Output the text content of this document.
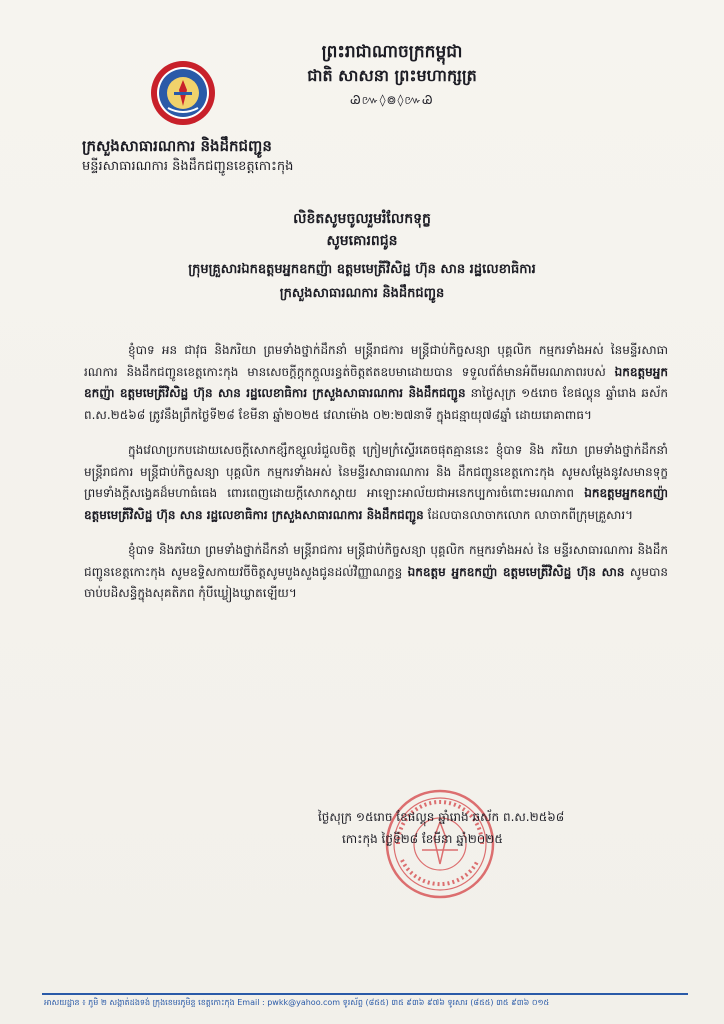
ព្រះរាជាណាចក្រកម្ពុជា
ជាតិ សាសនា ព្រះមហាក្សត្រ
Ꮚ៚◊៙◊៚Ꮚ
ក្រសួងសាធារណការ និងដឹកជញ្ជូន
មន្ទីរសាធារណការ និងដឹកជញ្ជូនខេត្តកោះកុង
លិខិតសូមចូលរួមរំលែកទុក្ខ
សូមគោរពជូន
ក្រុមគ្រួសារឯកឧត្តមអ្នកឧកញ៉ា ឧត្តមមេត្រីវិសិដ្ឋ ហ៊ុន សាន រដ្ឋលេខាធិការ
ក្រសួងសាធារណការ និងដឹកជញ្ជូន

ខ្ញុំបាទ អន ជាវុធ និងភរិយា ព្រមទាំងថ្នាក់ដឹកនាំ មន្ត្រីរាជការ មន្ត្រីជាប់កិច្ចសន្យា បុគ្គលិក កម្មករទាំងអស់ នៃមន្ទីរសាធារណការ និងដឹកជញ្ជូនខេត្តកោះកុង មានសេចក្តីក្តុកក្តួលរន្ធត់ចិត្តឥតឧបមាដោយបាន ទទួលព័ត៌មានអំពីមរណភាពរបស់ ឯកឧត្តមអ្នកឧកញ៉ា ឧត្តមមេត្រីវិសិដ្ឋ ហ៊ុន សាន រដ្ឋលេខាធិការ ក្រសួងសាធារណការ និងដឹកជញ្ជូន នាថ្ងៃសុក្រ ១៥រោច ខែផល្គុន ឆ្នាំរោង ឆស័ក ព.ស.២៥៦៨ ត្រូវនឹងព្រឹកថ្ងៃទី២៨ ខែមីនា ឆ្នាំ២០២៥ វេលាម៉ោង ០២:២៧នាទី ក្នុងជន្មាយុ៧៨ឆ្នាំ ដោយរោគាពាធ។

ក្នុងវេលាប្រកបដោយសេចក្តីសោកខ្សឹកខ្សួលរំជួលចិត្ត ក្រៀមក្រំស្ទើរគេចផុតគ្មាននេះ ខ្ញុំបាទ និង ភរិយា ព្រមទាំងថ្នាក់ដឹកនាំ មន្ត្រីរាជការ មន្ត្រីជាប់កិច្ចសន្យា បុគ្គលិក កម្មករទាំងអស់ នៃមន្ទីរសាធារណការ និង ដឹកជញ្ជូនខេត្តកោះកុង សូមសម្តែងនូវសមានទុក្ខ ព្រមទាំងក្តីសង្វេគដ៏មហាធំធេង ពោរពេញដោយក្តីសោកស្តាយ អាឡោះអាល័យជាអនេកប្បការចំពោះមរណភាព ឯកឧត្តមអ្នកឧកញ៉ា ឧត្តមមេត្រីវិសិដ្ឋ ហ៊ុន សាន រដ្ឋលេខាធិការ ក្រសួងសាធារណការ និងដឹកជញ្ជូន ដែលបានលាចាកលោក លាចាកពីក្រុមគ្រួសារ។

ខ្ញុំបាទ និងភរិយា ព្រមទាំងថ្នាក់ដឹកនាំ មន្ត្រីរាជការ មន្ត្រីជាប់កិច្ចសន្យា បុគ្គលិក កម្មករទាំងអស់ នៃ មន្ទីរសាធារណការ និងដឹកជញ្ជូនខេត្តកោះកុង សូមឧទ្ទិសកាយវចីចិត្តសូមបួងសួងជូនដល់វិញ្ញាណក្ខន្ធ ឯកឧត្តម អ្នកឧកញ៉ា ឧត្តមមេត្រីវិសិដ្ឋ ហ៊ុន សាន សូមបានចាប់បដិសន្ធិក្នុងសុគតិភព កុំបីឃ្លៀងឃ្លាតឡើយ។

ថ្ងៃសុក្រ ១៥រោច ខែផល្គុន ឆ្នាំរោង ឆស័ក ព.ស.២៥៦៨
កោះកុង ថ្ងៃទី២៨ ខែមីនា ឆ្នាំ២០២៥
អាសយដ្ឋាន ៖ ភូមិ ២ សង្កាត់ដងទង់ ក្រុងខេមរភូមិន្ទ ខេត្តកោះកុង Email : pwkk@yahoo.com ទូរស័ព្ទ (៨៥៥) ៣៥ ៩៣៦ ៩៧៦ ទូរសារ (៨៥៥) ៣៥ ៩៣៦ ០១៥
